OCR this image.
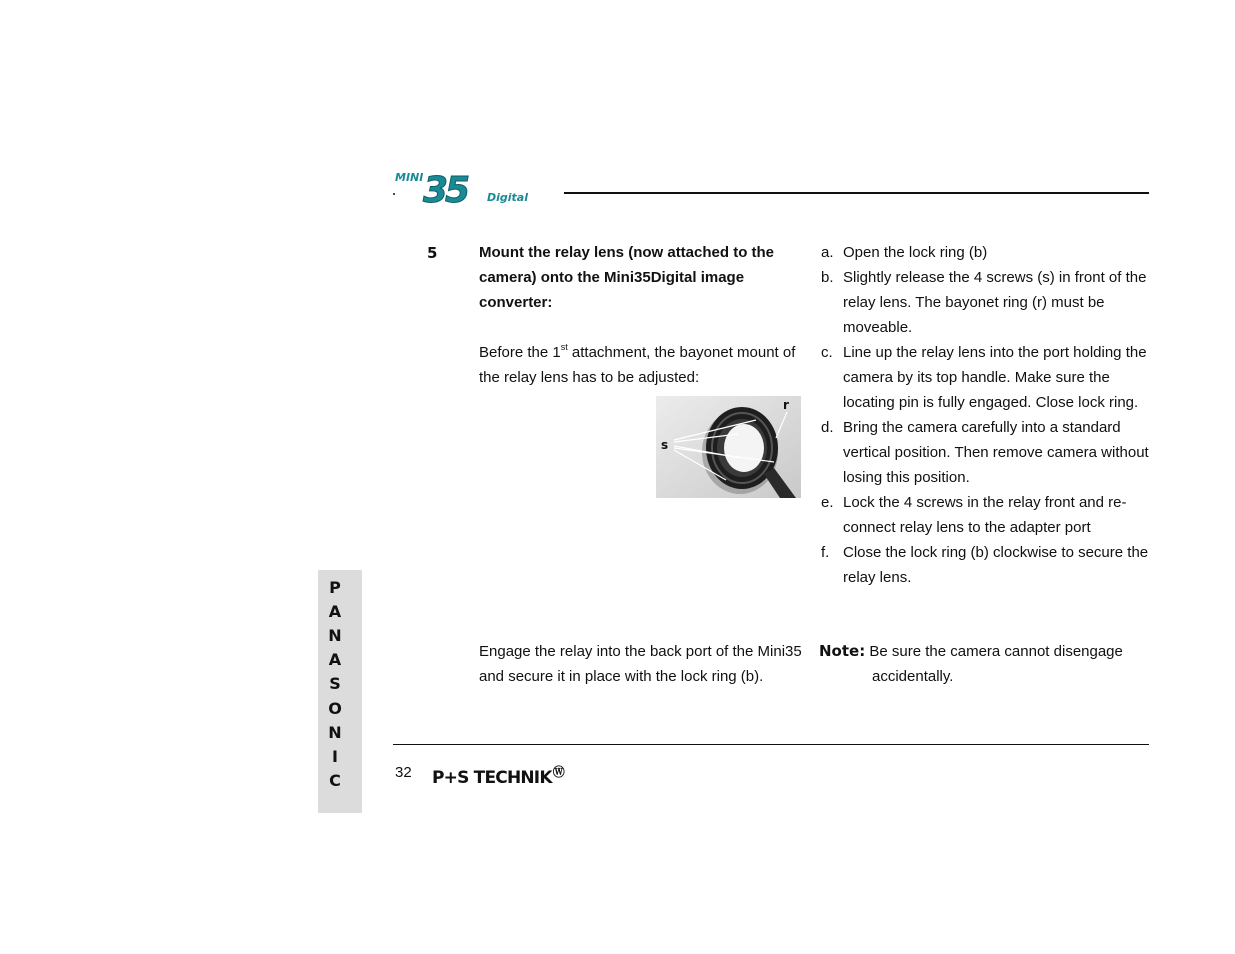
MINI 35 Digital
P
A
N
A
S
O
N
I
C
5	Mount the relay lens (now attached to the camera) onto the Mini35Digital image converter:
Before the 1st attachment, the bayonet mount of the relay lens has to be adjusted:
s
r
Engage the relay into the back port of the Mini35 and secure it in place with the lock ring (b).
a. Open the lock ring (b)
b. Slightly release the 4 screws (s) in front of the relay lens. The bayonet ring (r) must be moveable.
c. Line up the relay lens into the port holding the camera by its top handle. Make sure the locating pin is fully engaged. Close lock ring.
d. Bring the camera carefully into a standard vertical position. Then remove camera without losing this position.
e. Lock the 4 screws in the relay front and re-connect relay lens to the adapter port
f. Close the lock ring (b) clockwise to secure the relay lens.
Note: Be sure the camera cannot disengage
accidentally.
32 P+S TECHNIKⓌ
